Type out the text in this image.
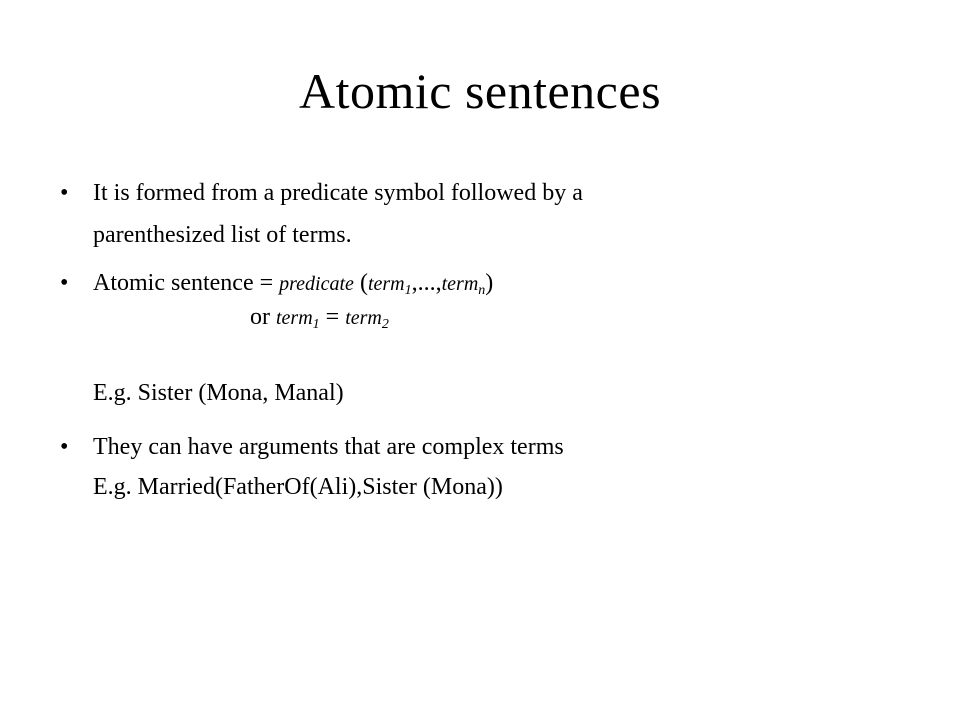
Atomic sentences
• It is formed from a predicate symbol followed by a
parenthesized list of terms.
• Atomic sentence = predicate (term$_1$,...,term$_n$)
or term$_1$ = term$_2$
E.g. Sister (Mona, Manal)
• They can have arguments that are complex terms
E.g. Married(FatherOf(Ali),Sister (Mona))
